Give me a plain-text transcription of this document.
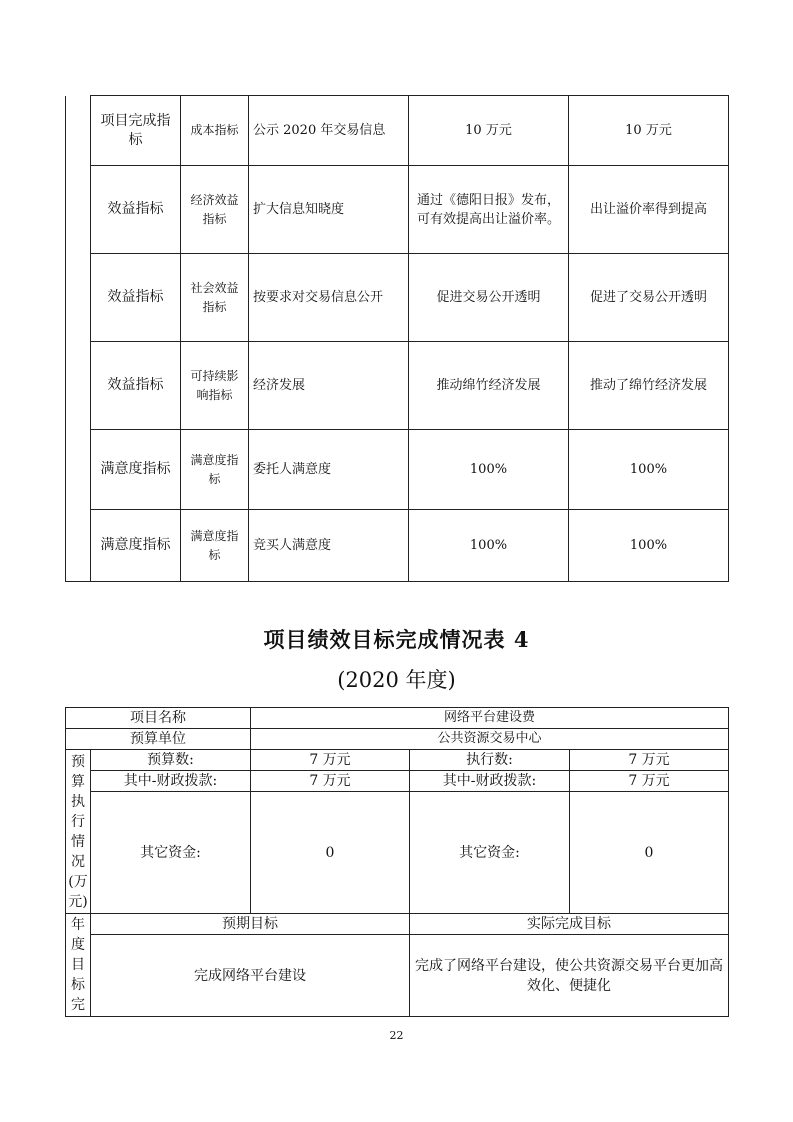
	项目完成指标	成本指标	公示 2020 年交易信息	10 万元	10 万元
	效益指标	经济效益指标	扩大信息知晓度	通过《德阳日报》发布，可有效提高出让溢价率。	出让溢价率得到提高
	效益指标	社会效益指标	按要求对交易信息公开	促进交易公开透明	促进了交易公开透明
	效益指标	可持续影响指标	经济发展	推动绵竹经济发展	推动了绵竹经济发展
	满意度指标	满意度指标	委托人满意度	100%	100%
	满意度指标	满意度指标	竞买人满意度	100%	100%
项目绩效目标完成情况表 4
(2020 年度)
项目名称		网络平台建设费		
预算单位		公共资源交易中心		
预算执行情况(万元)	预算数:	7 万元	执行数:	7 万元
	其中-财政拨款:	7 万元	其中-财政拨款:	7 万元
	其它资金:	0	其它资金:	0

年度目标完	预期目标		实际完成目标	
	完成网络平台建设		完成了网络平台建设，使公共资源交易平台更加高效化、便捷化	
22
